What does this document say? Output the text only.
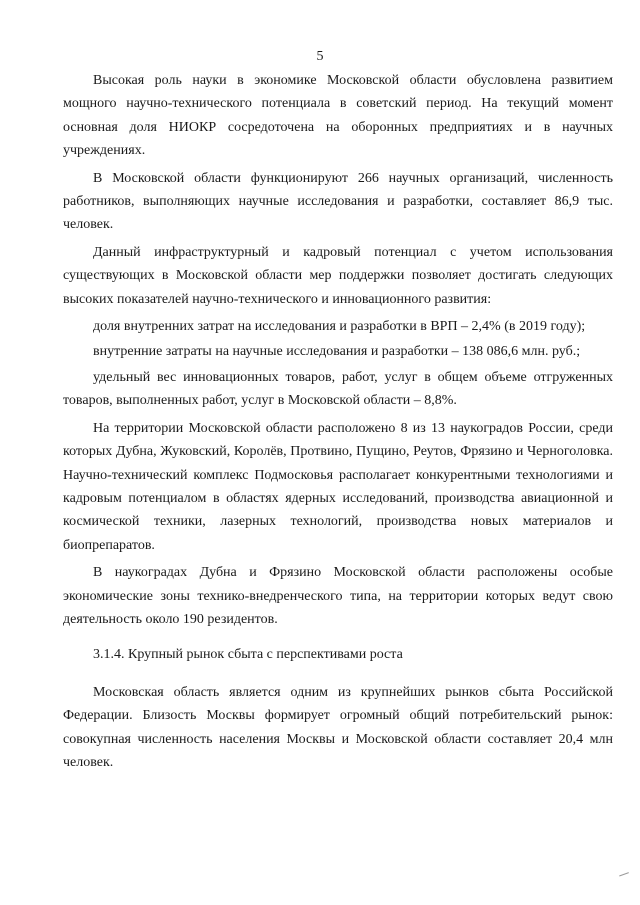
5

Высокая роль науки в экономике Московской области обусловлена развитием мощного научно-технического потенциала в советский период. На текущий момент основная доля НИОКР сосредоточена на оборонных предприятиях и в научных учреждениях.

В Московской области функционируют 266 научных организаций, численность работников, выполняющих научные исследования и разработки, составляет 86,9 тыс. человек.

Данный инфраструктурный и кадровый потенциал с учетом использования существующих в Московской области мер поддержки позволяет достигать следующих высоких показателей научно-технического и инновационного развития:

доля внутренних затрат на исследования и разработки в ВРП – 2,4% (в 2019 году);

внутренние затраты на научные исследования и разработки – 138 086,6 млн. руб.;

удельный вес инновационных товаров, работ, услуг в общем объеме отгруженных товаров, выполненных работ, услуг в Московской области – 8,8%.

На территории Московской области расположено 8 из 13 наукоградов России, среди которых Дубна, Жуковский, Королёв, Протвино, Пущино, Реутов, Фрязино и Черноголовка. Научно-технический комплекс Подмосковья располагает конкурентными технологиями и кадровым потенциалом в областях ядерных исследований, производства авиационной и космической техники, лазерных технологий, производства новых материалов и биопрепаратов.

В наукоградах Дубна и Фрязино Московской области расположены особые экономические зоны технико-внедренческого типа, на территории которых ведут свою деятельность около 190 резидентов.

3.1.4. Крупный рынок сбыта с перспективами роста

Московская область является одним из крупнейших рынков сбыта Российской Федерации. Близость Москвы формирует огромный общий потребительский рынок: совокупная численность населения Москвы и Московской области составляет 20,4 млн человек.
